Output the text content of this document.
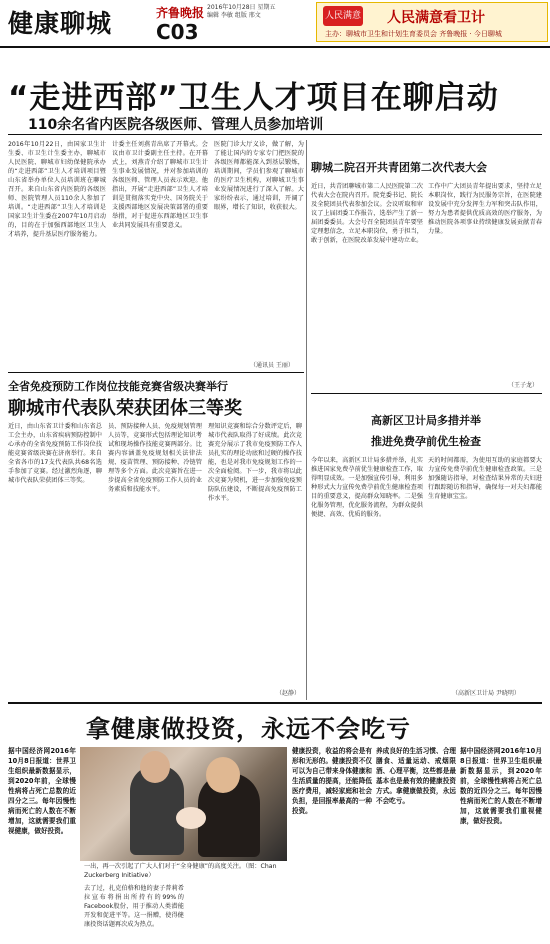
健康聊城	齐鲁晚报 2016年10月28日 星期五
编辑 李敏 组版 邢文
C03
人民满意 人民满意看卫计
主办：聊城市卫生和计划生育委员会 齐鲁晚报 · 今日聊城
“走进西部”卫生人才项目在聊启动
110余名省内医院各级医师、管理人员参加培训
2016年10月22日，由国家卫生计生委、市卫生计生委主办，聊城市人民医院、聊城市妇幼保健院承办的“走进西部”卫生人才培训项目暨山东省举办单位人员培训班在聊城召开。来自山东省内医院的各级医师、医院管理人员110余人参加了培训。“走进西部”卫生人才培训是国家卫生计生委在2007年10月启动的，目的在于加强西部地区卫生人才培养，提升基层医疗服务能力。
计委主任刘燕青出席了开幕式。会议由市卫计委副主任主持。在开幕式上，刘燕青介绍了聊城市卫生计生事业发展情况，并对参加培训的各级医师、管理人员表示欢迎。他指出，开展“走进西部”卫生人才培训是贯彻落实党中央、国务院关于支援西部地区发展决策部署的重要举措，对于促进东西部地区卫生事业共同发展具有重要意义。
医院门诊大厅义诊，做了解，为了能让国内的专家专门把医院的各级医师都能深入到基层锻炼，培训期间，学员们参观了聊城市的医疗卫生机构，对聊城卫生事业发展情况进行了深入了解。大家纷纷表示，通过培训，开阔了眼界，增长了知识，收获很大。
（通讯员 王丽）
聊城二院召开共青团第二次代表大会
近日，共青团聊城市第二人民医院第二次代表大会在院内召开。院党委书记、院长及全院团员代表参加会议。会议听取和审议了上届团委工作报告，选举产生了新一届团委委员。大会号召全院团员青年要坚定理想信念，立足本职岗位，勇于担当，敢于创新，在医院改革发展中建功立业。
工作中广大团员青年提出要求，坚持立足本职岗位，践行为民服务宗旨，在医院建设发展中充分发挥生力军和突击队作用，努力为患者提供优质高效的医疗服务，为推动医院各项事业持续健康发展贡献青春力量。
（王子龙）
全省免疫预防工作岗位技能竞赛省级决赛举行
聊城市代表队荣获团体三等奖
近日，由山东省卫计委和山东省总工会主办，山东省疾病预防控制中心承办的全省免疫预防工作岗位技能竞赛省级决赛在济南举行。来自全省各市的17支代表队共68名选手参加了竞赛。经过激烈角逐，聊城市代表队荣获团体三等奖。
员、预防接种人员、免疫规划管理人员等，竞赛形式包括理论知识考试和现场操作技能竞赛两部分。比赛内容涵盖免疫规划相关法律法规、疫苗管理、预防接种、冷链管理等多个方面。此次竞赛旨在进一步提高全省免疫预防工作人员的业务素质和技能水平。
理知识竞赛和综合分数评定后，聊城市代表队取得了好成绩。此次竞赛充分展示了我市免疫预防工作人员扎实的理论功底和过硬的操作技能，也是对我市免疫规划工作的一次全面检阅。下一步，我市将以此次竞赛为契机，进一步加强免疫预防队伍建设，不断提高免疫预防工作水平。
（赵静）
高新区卫计局多措并举
推进免费孕前优生检查
今年以来，高新区卫计局多措并举，扎实推进国家免费孕前优生健康检查工作，取得明显成效。一是加强宣传引导，利用多种形式大力宣传免费孕前优生健康检查项目的重要意义，提高群众知晓率。二是强化服务管理，优化服务流程，为群众提供便捷、高效、优质的服务。
天的时间都需，为使用互助的家庭都要大力宣传免费孕前优生健康检查政策。三是加强随访指导，对检查结果异常的夫妇进行跟踪随访和指导，确保每一对夫妇都能生育健康宝宝。
（高新区卫计局 尹晓明）
拿健康做投资，永远不会吃亏
据中国经济网2016年10月8日报道：世界卫生组织最新数据显示，到2020年前，全球慢性病将占死亡总数的近四分之三。每年因慢性病而死亡的人数在不断增加，这就需要我们重视健康，做好投资。
一出，再一次引起了广大人们对于“全身健康”的高度关注。（图：Chan Zuckerberg Initiative）
去了过，扎克伯格和他的妻子普莉希拉宣布将捐出所持有的99%的Facebook股份，用于推动人类潜能开发和促进平等。这一捐赠，使得健康投资话题再次成为热点。
健康投资，收益的将会是有形和无形的。健康投资不仅可以为自己带来身体健康和生活质量的提高，还能降低医疗费用，减轻家庭和社会负担，是回报率最高的一种投资。
养成良好的生活习惯、合理膳食、适量运动、戒烟限酒、心理平衡，这些都是最基本也是最有效的健康投资方式。拿健康做投资，永远不会吃亏。
据中国经济网2016年10月8日报道：世界卫生组织最新数据显示，到2020年前，全球慢性病将占死亡总数的近四分之三。每年因慢性病而死亡的人数在不断增加，这就需要我们重视健康，做好投资。
